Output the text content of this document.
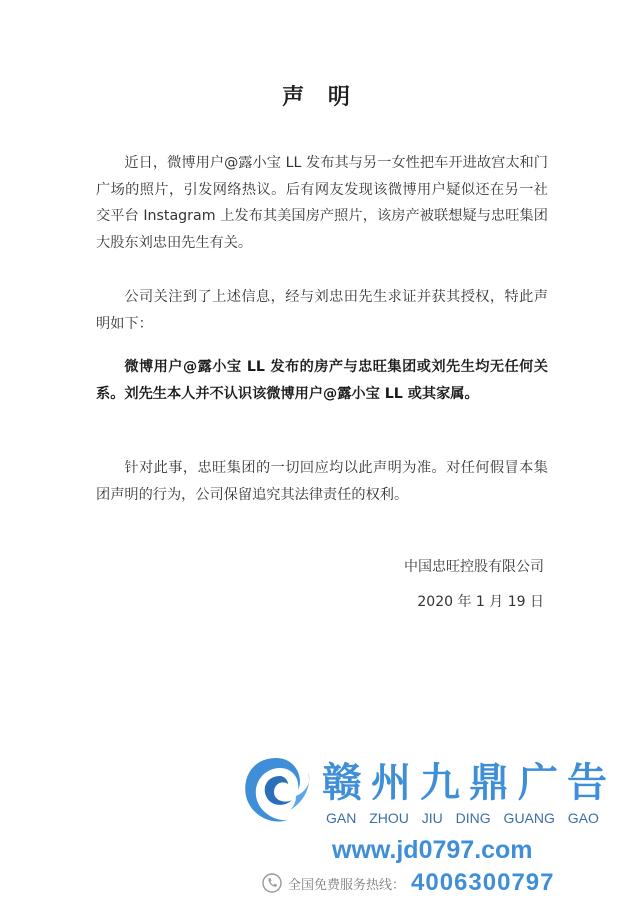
声 明

近日，微博用户@露小宝 LL 发布其与另一女性把车开进故宫太和门广场的照片，引发网络热议。后有网友发现该微博用户疑似还在另一社交平台 Instagram 上发布其美国房产照片，该房产被联想疑与忠旺集团大股东刘忠田先生有关。

公司关注到了上述信息，经与刘忠田先生求证并获其授权，特此声明如下：

微博用户@露小宝 LL 发布的房产与忠旺集团或刘先生均无任何关系。刘先生本人并不认识该微博用户@露小宝 LL 或其家属。

针对此事，忠旺集团的一切回应均以此声明为准。对任何假冒本集团声明的行为，公司保留追究其法律责任的权利。

中国忠旺控股有限公司
2020 年 1 月 19 日
赣州九鼎广告
GAN ZHOU JIU DING GUANG GAO
www.jd0797.com
全国免费服务热线： 4006300797
